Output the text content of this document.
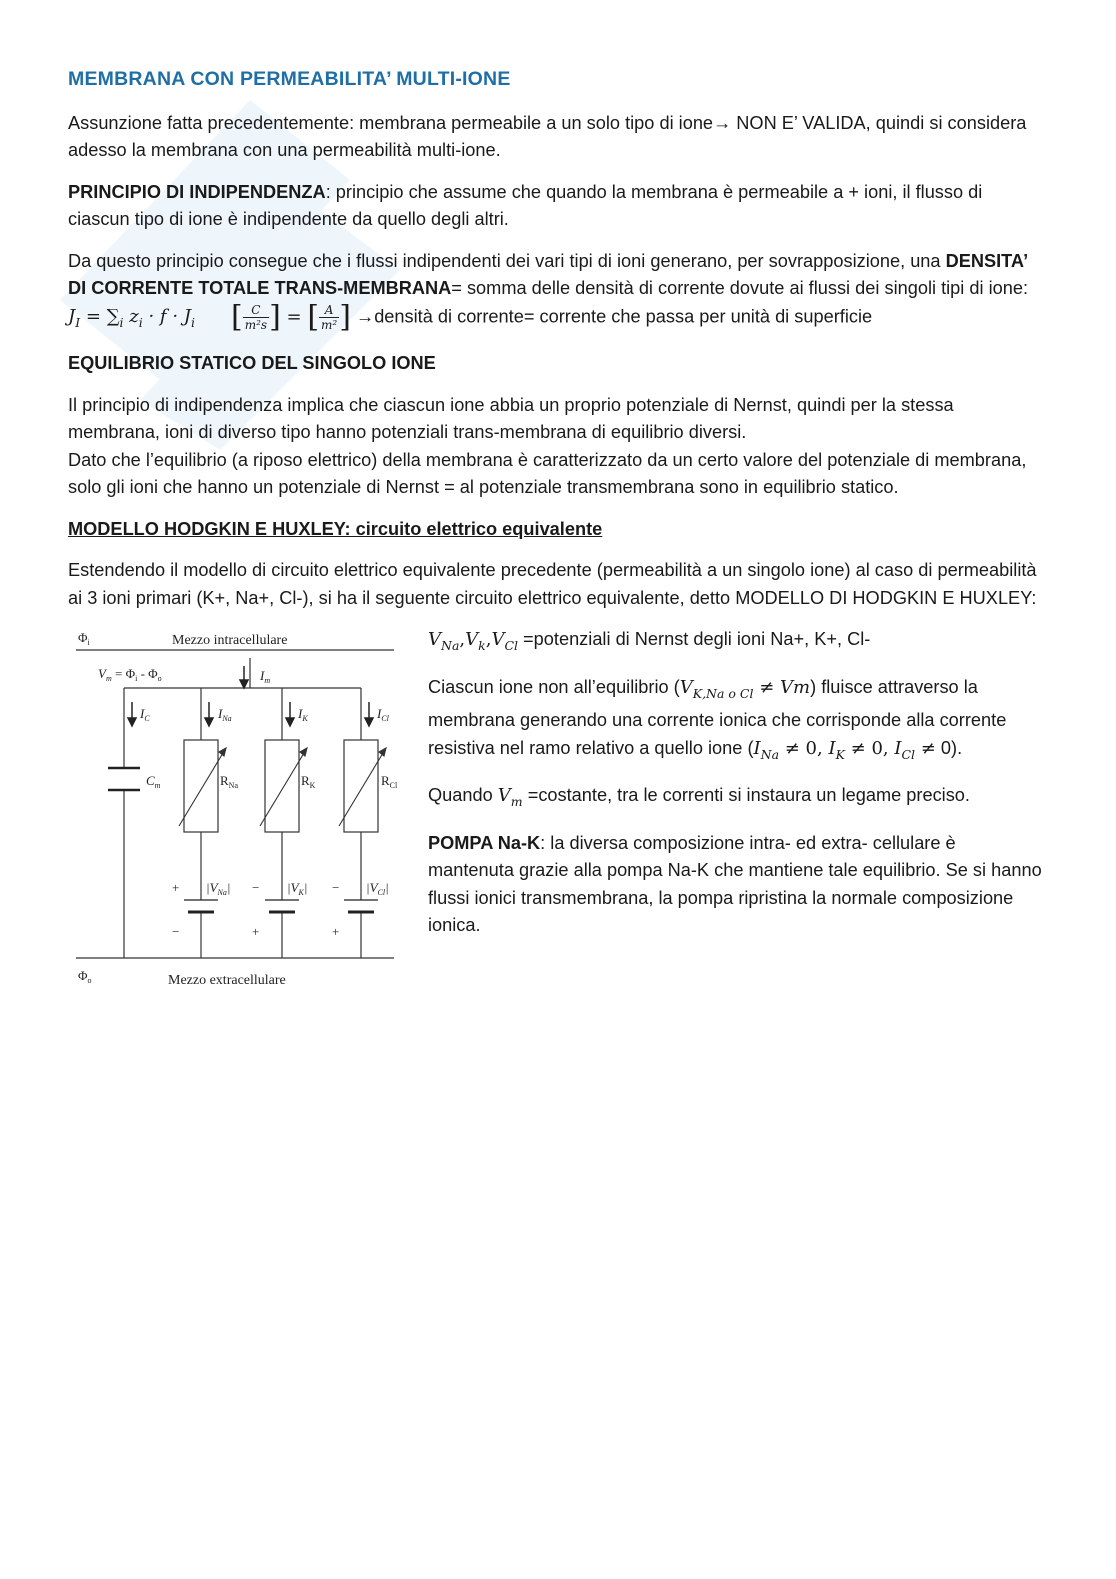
MEMBRANA CON PERMEABILITA’ MULTI-IONE

Assunzione fatta precedentemente: membrana permeabile a un solo tipo di ione→ NON E’ VALIDA, quindi si considera adesso la membrana con una permeabilità multi-ione.

PRINCIPIO DI INDIPENDENZA: principio che assume che quando la membrana è permeabile a + ioni, il flusso di ciascun tipo di ione è indipendente da quello degli altri.

Da questo principio consegue che i flussi indipendenti dei vari tipi di ioni generano, per sovrapposizione, una DENSITA’ DI CORRENTE TOTALE TRANS-MEMBRANA= somma delle densità di corrente dovute ai flussi dei singoli tipi di ione: $J_I = \sum_i$ $z_i \cdot f \cdot J_i$ [ $\frac{C}{\text{m²s}}$ ] = [ $\frac{A}{\text{m²}}$ ] →densità di corrente= corrente che passa per unità di superficie

EQUILIBRIO STATICO DEL SINGOLO IONE

Il principio di indipendenza implica che ciascun ione abbia un proprio potenziale di Nernst, quindi per la stessa membrana, ioni di diverso tipo hanno potenziali trans-membrana di equilibrio diversi.

Dato che l’equilibrio (a riposo elettrico) della membrana è caratterizzato da un certo valore del potenziale di membrana, solo gli ioni che hanno un potenziale di Nernst = al potenziale transmembrana sono in equilibrio statico.

MODELLO HODGKIN E HUXLEY: circuito elettrico equivalente

Estendendo il modello di circuito elettrico equivalente precedente (permeabilità a un singolo ione) al caso di permeabilità ai 3 ioni primari (K+, Na+, Cl-), si ha il seguente circuito elettrico equivalente, detto MODELLO DI HODGKIN E HUXLEY:

Mezzo intracellulare
Mezzo extracellulare
$\Phi_i$
$\Phi_o$
$V_m = \Phi_i - \Phi_o$	$I_m$
$I_C$	$I_{Na}$	$I_K$	$I_{Cl}$
$C_m$	$R_{Na}$	$R_K$	$R_{Cl}$
$|V_{Na}|$	$|V_K|$	$|V_{Cl}|$
+
−
−
+
−
+

$V_{Na},V_k,V_{Cl}$ =potenziali di Nernst degli ioni Na+, K+, Cl-

Ciascun ione non all’equilibrio $(V_{K,Na o Cl} \ne Vm)$ fluisce attraverso la membrana generando una corrente ionica che corrisponde alla corrente resistiva nel ramo relativo a quello ione ($I_{Na} \ne 0$, $I_K \ne 0$, $I_{Cl} \ne 0$).

Quando $V_m$ =costante, tra le correnti si instaura un legame preciso.

POMPA Na-K: la diversa composizione intra- ed extra- cellulare è mantenuta grazie alla pompa Na-K che mantiene tale equilibrio. Se si hanno flussi ionici transmembrana, la pompa ripristina la normale composizione ionica.
